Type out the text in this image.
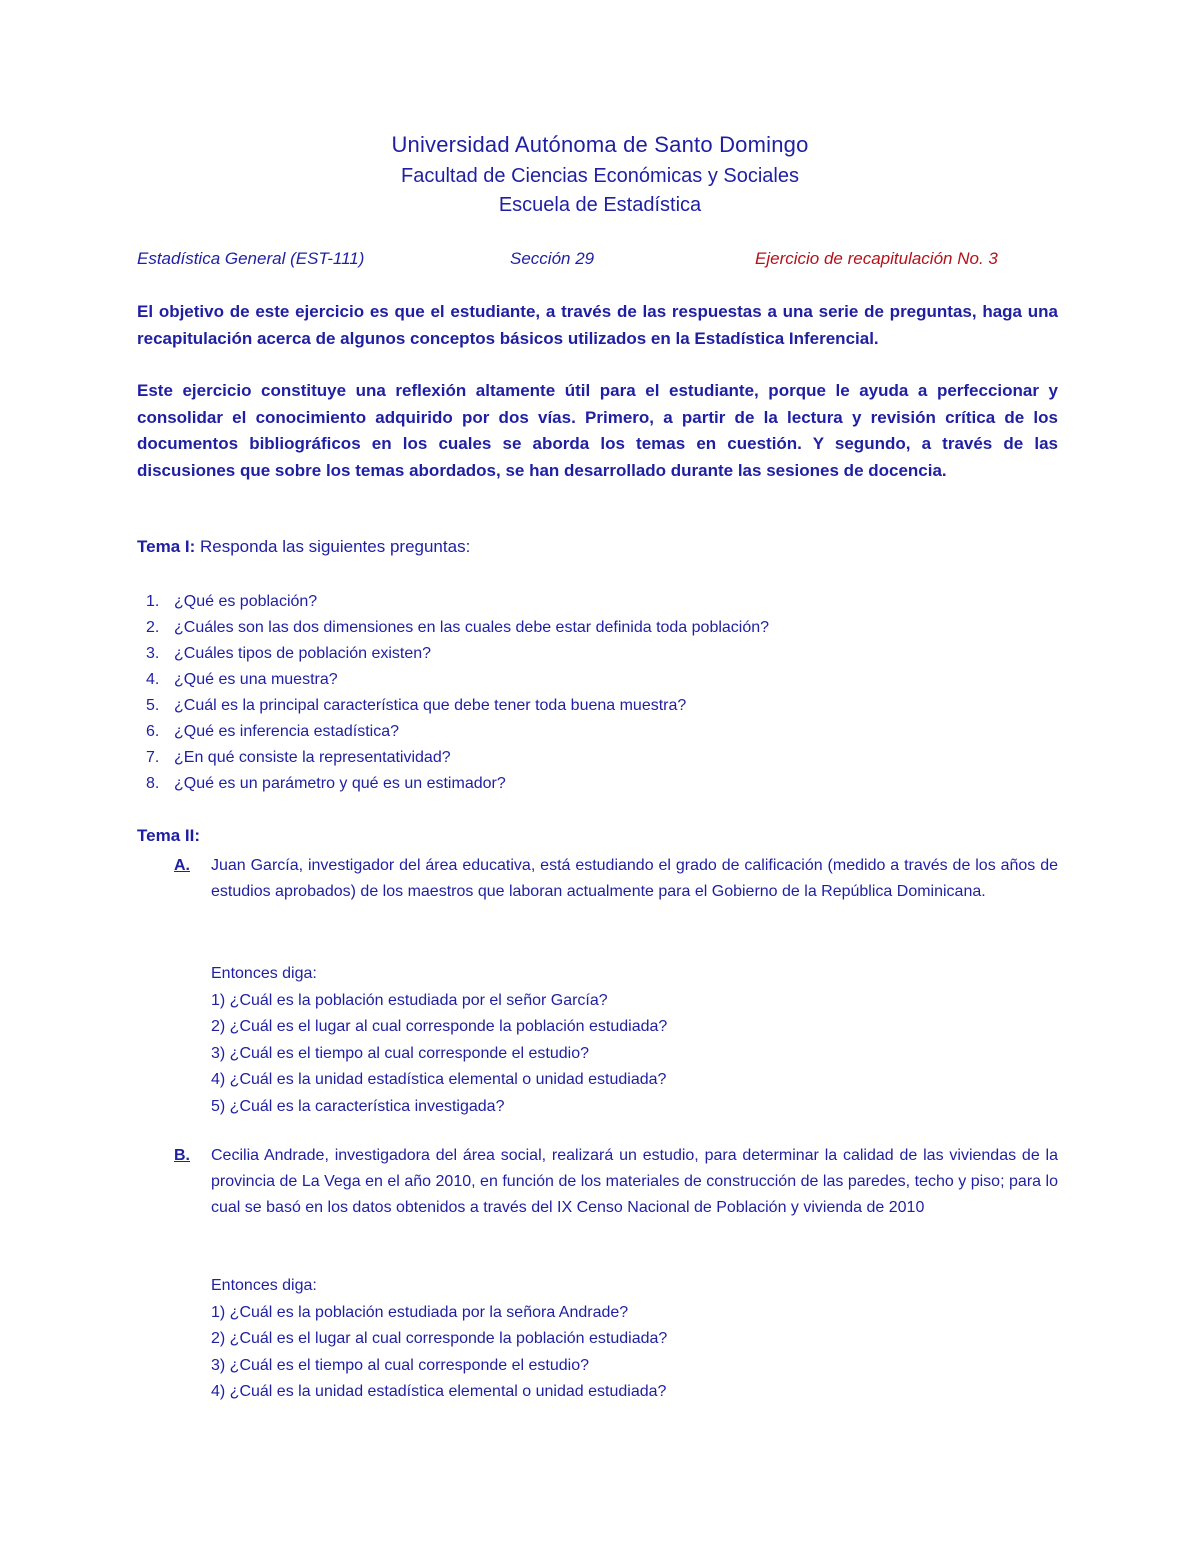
Universidad Autónoma de Santo Domingo
Facultad de Ciencias Económicas y Sociales
Escuela de Estadística
Estadística General (EST-111)	Sección 29	Ejercicio de recapitulación No. 3
El objetivo de este ejercicio es que el estudiante, a través de las respuestas a una serie de preguntas, haga una recapitulación acerca de algunos conceptos básicos utilizados en la Estadística Inferencial.
Este ejercicio constituye una reflexión altamente útil para el estudiante, porque le ayuda a perfeccionar y consolidar el conocimiento adquirido por dos vías. Primero, a partir de la lectura y revisión crítica de los documentos bibliográficos en los cuales se aborda los temas en cuestión. Y segundo, a través de las discusiones que sobre los temas abordados, se han desarrollado durante las sesiones de docencia.
Tema I: Responda las siguientes preguntas:
1. ¿Qué es población?
2. ¿Cuáles son las dos dimensiones en las cuales debe estar definida toda población?
3. ¿Cuáles tipos de población existen?
4. ¿Qué es una muestra?
5. ¿Cuál es la principal característica que debe tener toda buena muestra?
6. ¿Qué es inferencia estadística?
7. ¿En qué consiste la representatividad?
8. ¿Qué es un parámetro y qué es un estimador?
Tema II:
A. Juan García, investigador del área educativa, está estudiando el grado de calificación (medido a través de los años de estudios aprobados) de los maestros que laboran actualmente para el Gobierno de la República Dominicana.
Entonces diga:
1) ¿Cuál es la población estudiada por el señor García?
2) ¿Cuál es el lugar al cual corresponde la población estudiada?
3) ¿Cuál es el tiempo al cual corresponde el estudio?
4) ¿Cuál es la unidad estadística elemental o unidad estudiada?
5) ¿Cuál es la característica investigada?
B. Cecilia Andrade, investigadora del área social, realizará un estudio, para determinar la calidad de las viviendas de la provincia de La Vega en el año 2010, en función de los materiales de construcción de las paredes, techo y piso; para lo cual se basó en los datos obtenidos a través del IX Censo Nacional de Población y vivienda de 2010
Entonces diga:
1) ¿Cuál es la población estudiada por la señora Andrade?
2) ¿Cuál es el lugar al cual corresponde la población estudiada?
3) ¿Cuál es el tiempo al cual corresponde el estudio?
4) ¿Cuál es la unidad estadística elemental o unidad estudiada?
